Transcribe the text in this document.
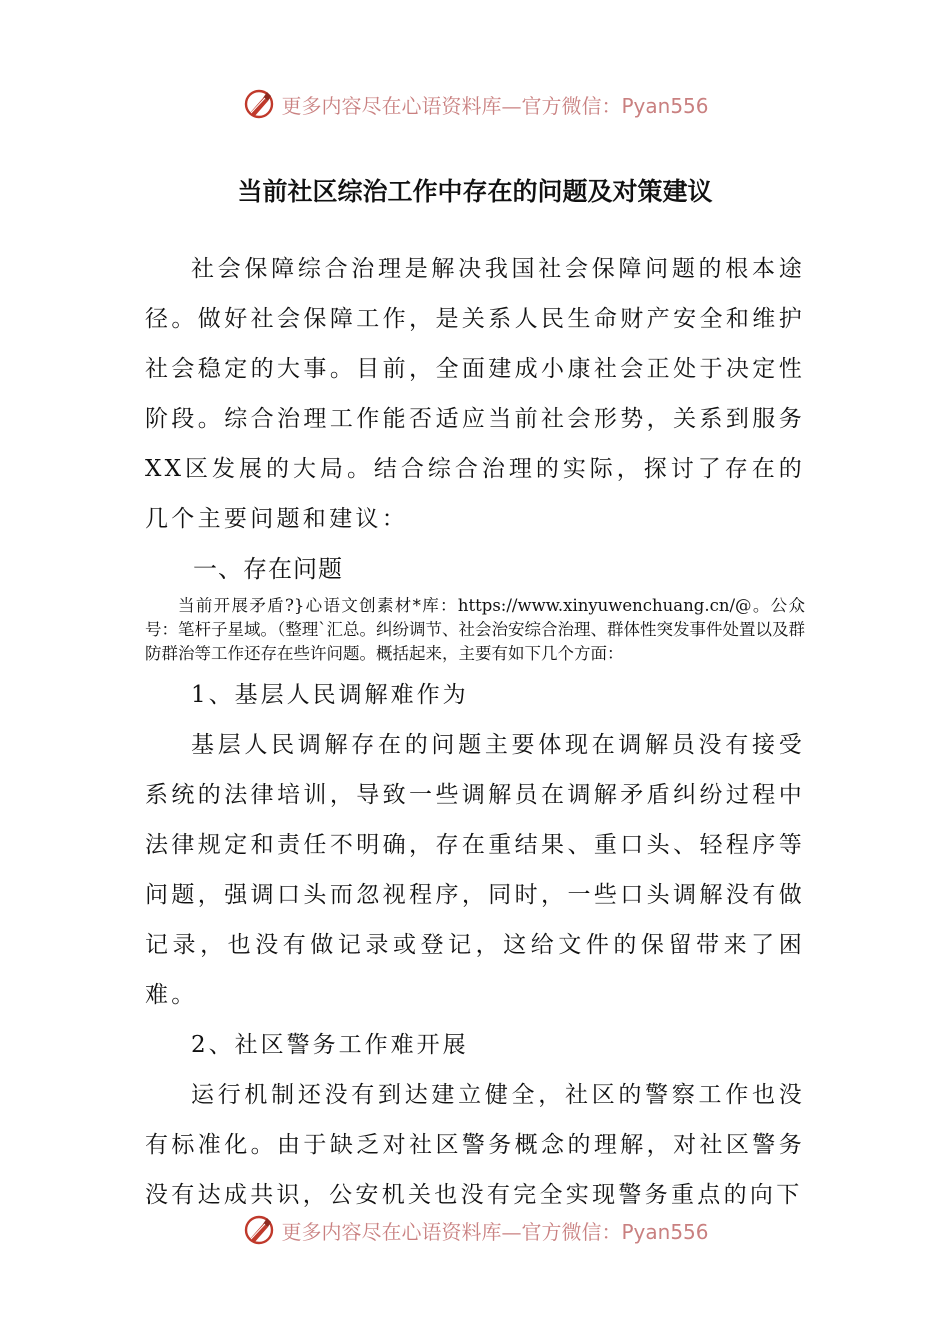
更多内容尽在心语资料库—官方微信：Pyan556
当前社区综治工作中存在的问题及对策建议

社会保障综合治理是解决我国社会保障问题的根本途径。做好社会保障工作，是关系人民生命财产安全和维护社会稳定的大事。目前，全面建成小康社会正处于决定性阶段。综合治理工作能否适应当前社会形势，关系到服务XX区发展的大局。结合综合治理的实际，探讨了存在的几个主要问题和建议：

一、存在问题

当前开展矛盾?}心语文创素材*库：https://www.xinyuwenchuang.cn/@。公众号：笔杆子星域。（整理`汇总。纠纷调节、社会治安综合治理、群体性突发事件处置以及群防群治等工作还存在些许问题。概括起来，主要有如下几个方面：

1、基层人民调解难作为

基层人民调解存在的问题主要体现在调解员没有接受系统的法律培训，导致一些调解员在调解矛盾纠纷过程中法律规定和责任不明确，存在重结果、重口头、轻程序等问题，强调口头而忽视程序，同时，一些口头调解没有做记录，也没有做记录或登记，这给文件的保留带来了困难。

2、社区警务工作难开展

运行机制还没有到达建立健全，社区的警察工作也没有标准化。由于缺乏对社区警务概念的理解，对社区警务没有达成共识，公安机关也没有完全实现警务重点的向下

更多内容尽在心语资料库—官方微信：Pyan556
